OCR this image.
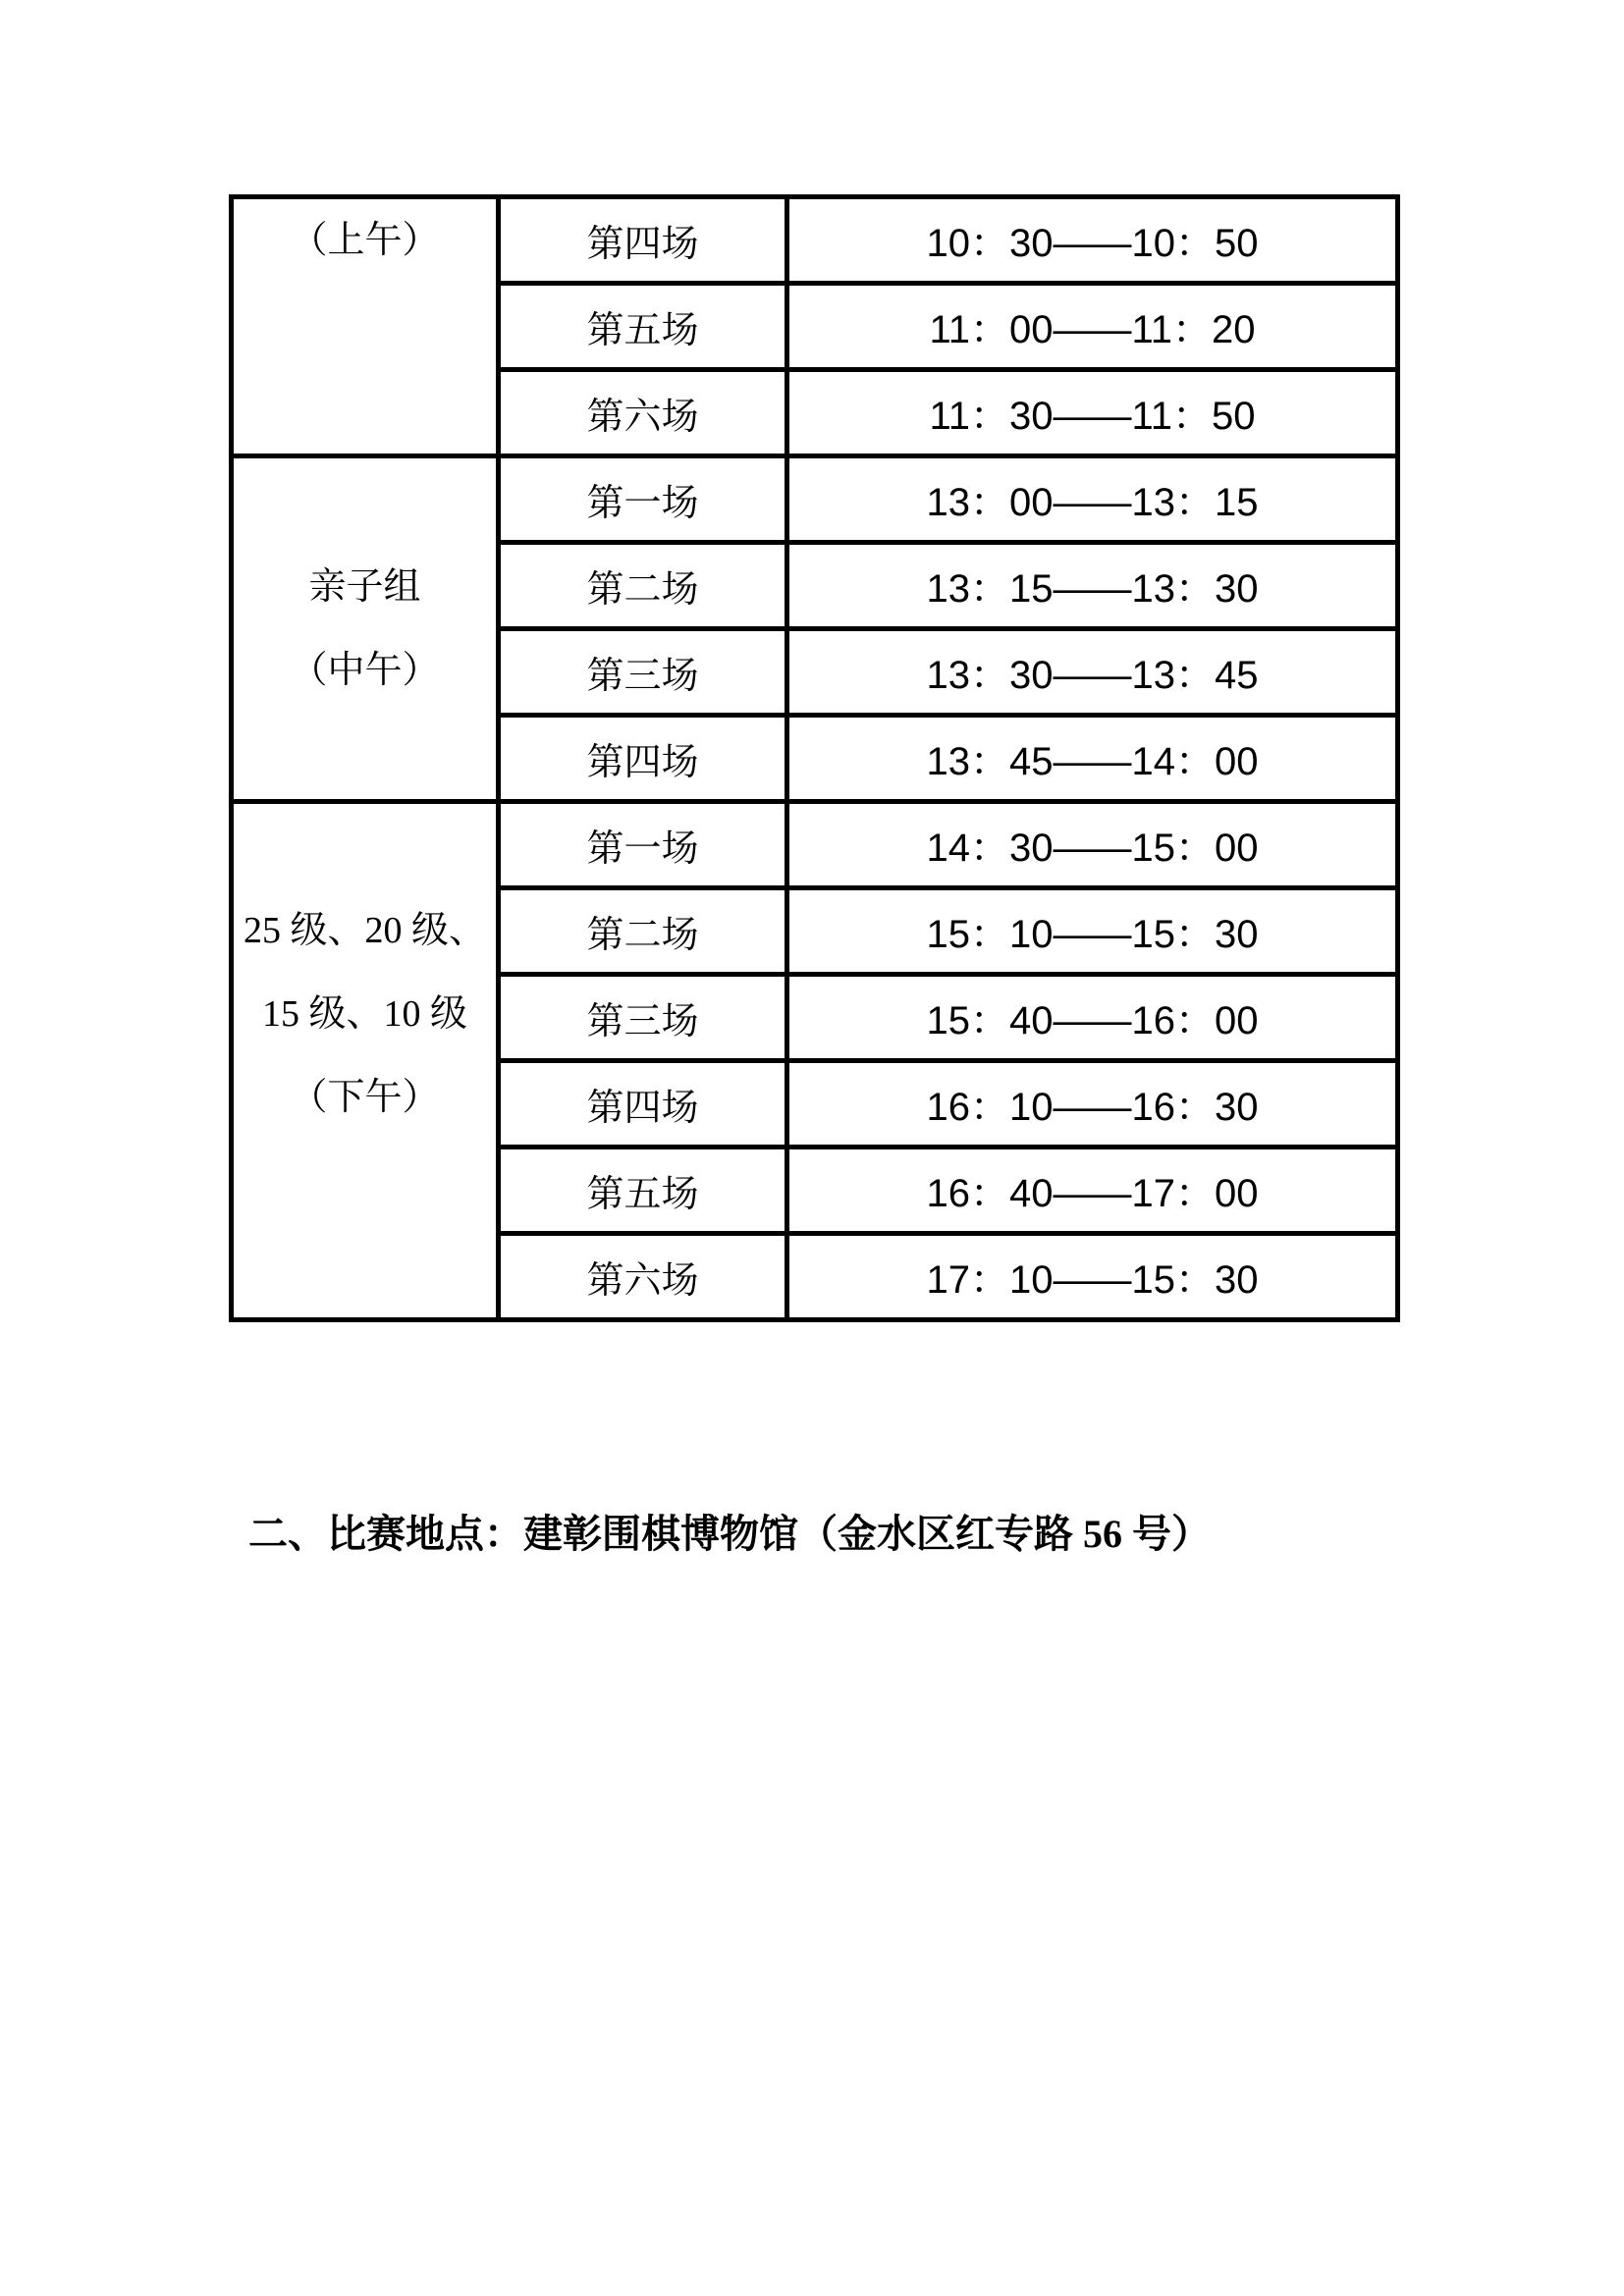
（上午）	第四场	10：30——10：50
	第五场	11：00——11：20
	第六场	11：30——11：50

亲子组
（中午）	第一场	13：00——13：15
	第二场	13：15——13：30
	第三场	13：30——13：45
	第四场	13：45——14：00

25 级、20 级、
15 级、10 级
（下午）	第一场	14：30——15：00
	第二场	15：10——15：30
	第三场	15：40——16：00
	第四场	16：10——16：30
	第五场	16：40——17：00
	第六场	17：10——15：30
二、比赛地点：建彰围棋博物馆（金水区红专路 56 号）
